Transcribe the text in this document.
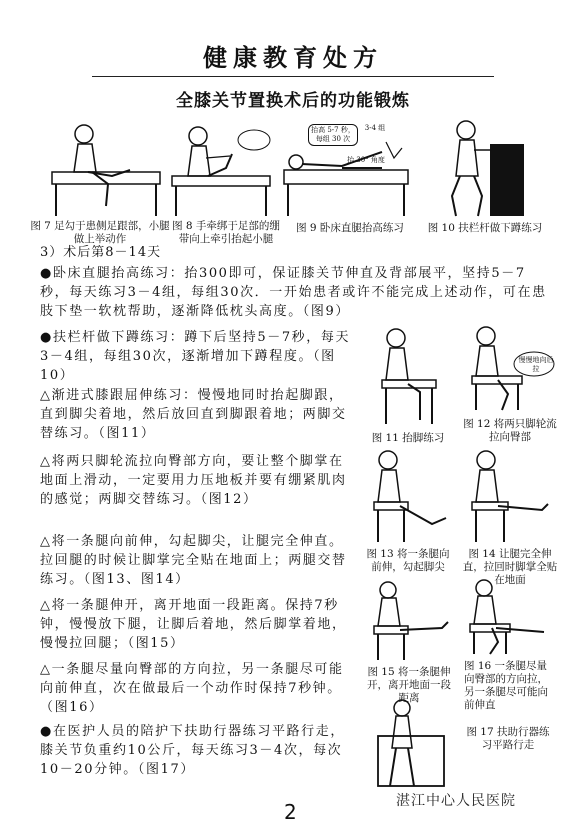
健康教育处方
全膝关节置换术后的功能锻炼
抬高 5-7 秒，每组 30 次
抬 30° 角度
3-4 组
图 7 足勾于患侧足跟部，小腿做上举动作
图 8 手牵绑于足部的绷带向上牵引抬起小腿
图 9 卧床直腿抬高练习	图 10 扶栏杆做下蹲练习
3）术后第8－14天
●卧床直腿抬高练习：抬300即可，保证膝关节伸直及背部展平，坚持5－7秒，每天练习3－4组，每组30次．一开始患者或许不能完成上述动作，可在患肢下垫一软枕帮助，逐渐降低枕头高度。（图9）
●扶栏杆做下蹲练习：蹲下后坚持5－7秒，每天3－4组，每组30次，逐渐增加下蹲程度。（图10）
△渐进式膝跟屈伸练习：慢慢地同时抬起脚跟，直到脚尖着地，然后放回直到脚跟着地；两脚交替练习。（图11）
△将两只脚轮流拉向臀部方向，要让整个脚掌在地面上滑动，一定要用力压地板并要有绷紧肌肉的感觉；两脚交替练习。（图12）
△将一条腿向前伸，勾起脚尖，让腿完全伸直。拉回腿的时候让脚掌完全贴在地面上；两腿交替练习。（图13、图14）
△将一条腿伸开，离开地面一段距离。保持7秒钟，慢慢放下腿，让脚后着地，然后脚掌着地，慢慢拉回腿；（图15）
△一条腿尽量向臀部的方向拉，另一条腿尽可能向前伸直，次在做最后一个动作时保持7秒钟。（图16）
●在医护人员的陪护下扶助行器练习平路行走，膝关节负重约10公斤，每天练习3－4次，每次10－20分钟。（图17）
慢慢地向后拉
图 11 抬脚练习
图 12 将两只脚轮流拉向臀部
图 13 将一条腿向前伸，勾起脚尖
图 14 让腿完全伸直，拉回时脚掌全贴在地面
图 15 将一条腿伸开，离开地面一段距离
图 16 一条腿尽量向臀部的方向拉，另一条腿尽可能向前伸直
图 17 扶助行器练习平路行走
2	湛江中心人民医院
